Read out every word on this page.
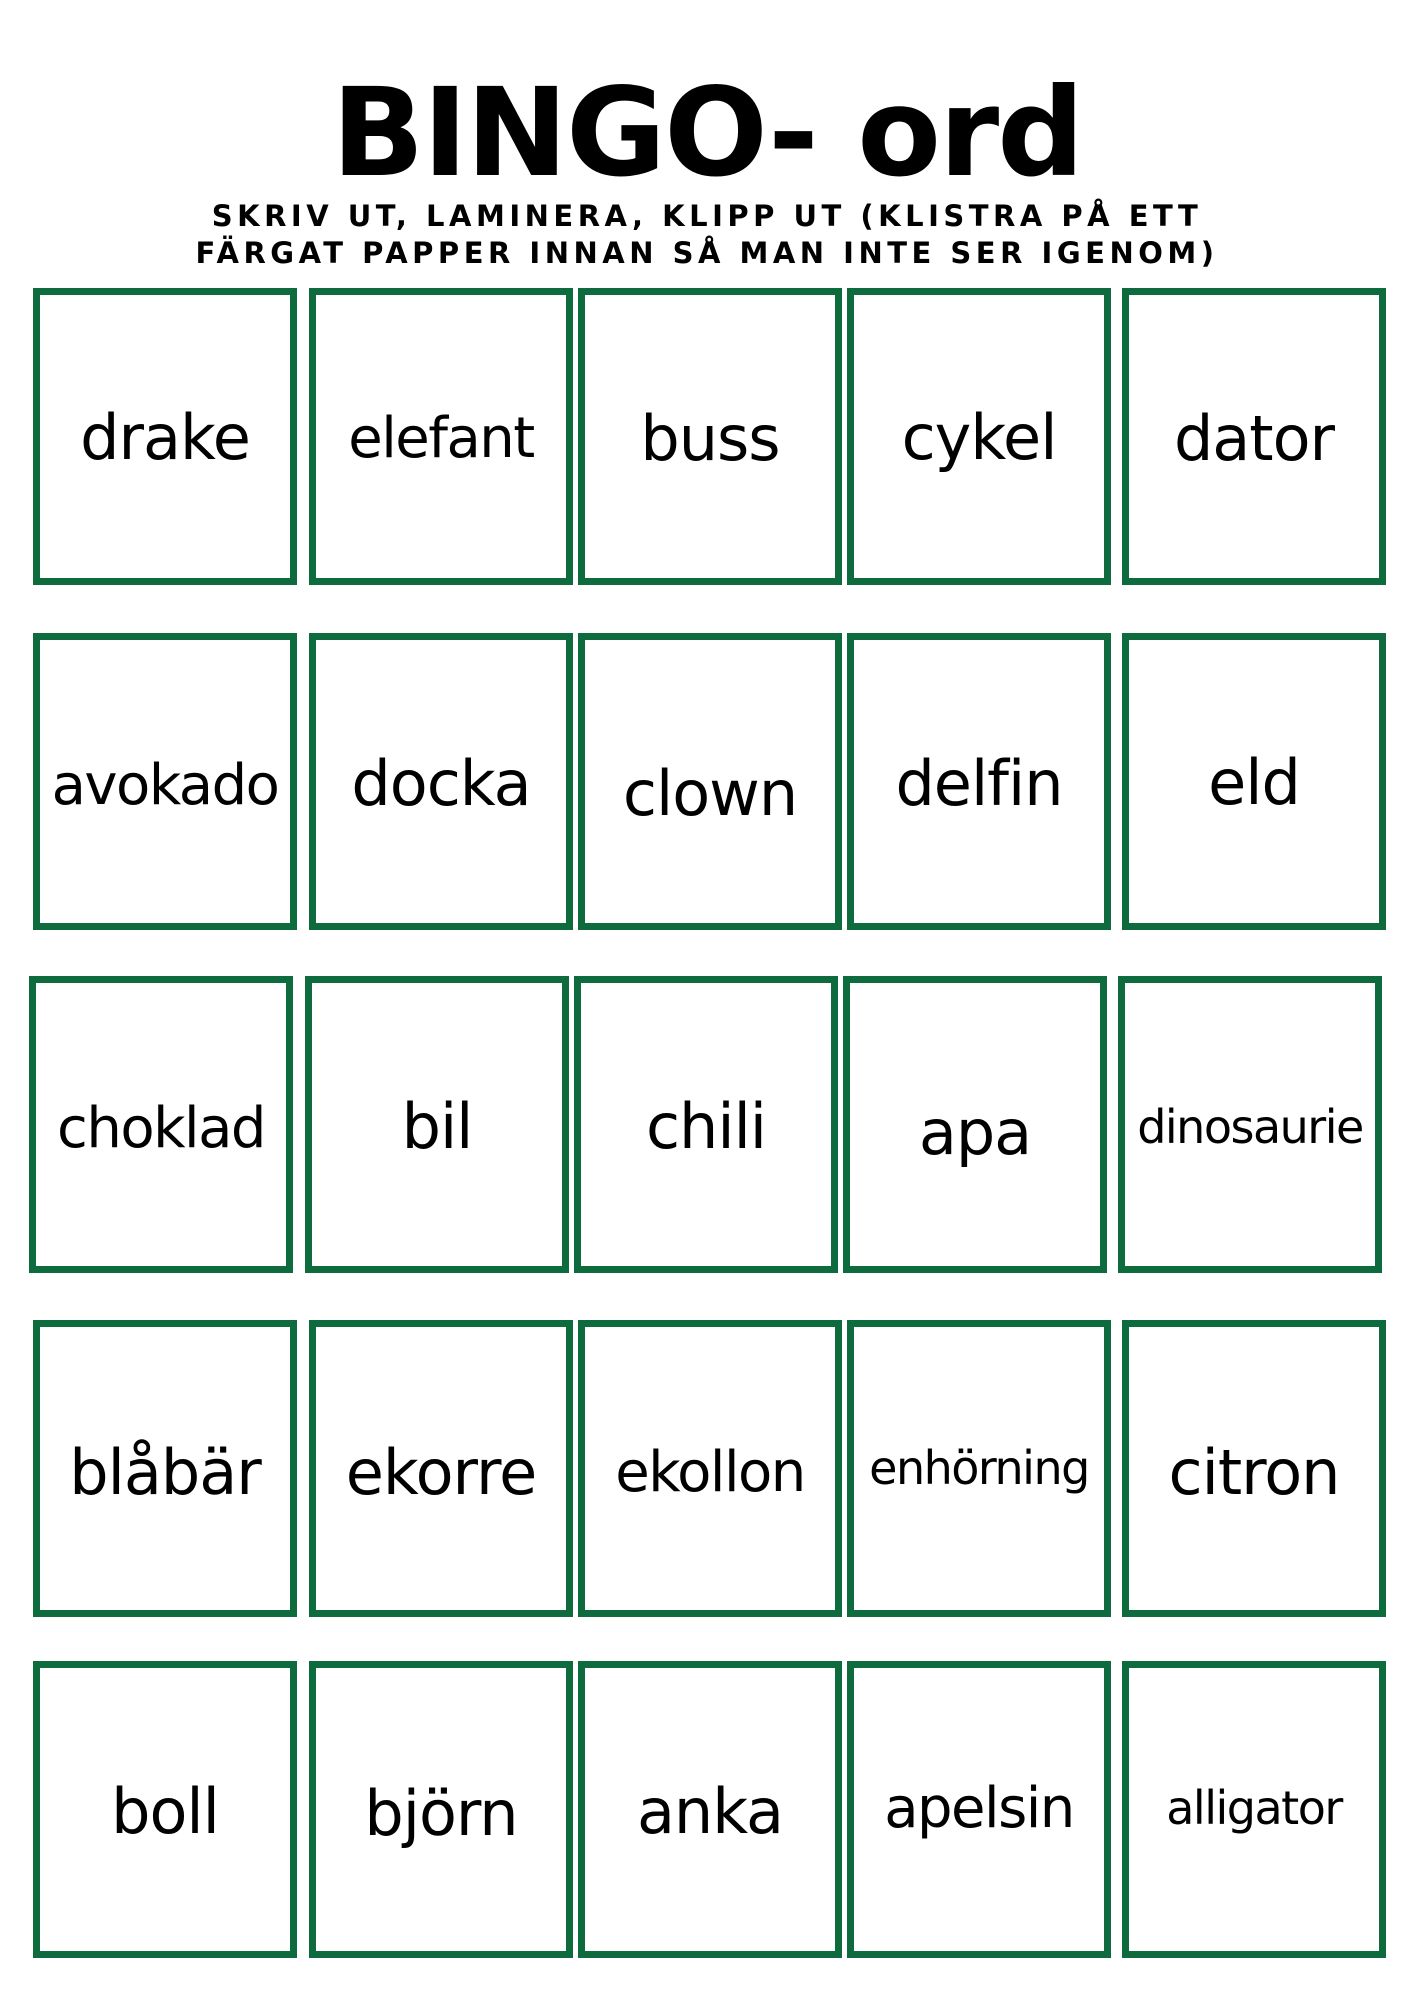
BINGO- ord
SKRIV UT, LAMINERA, KLIPP UT (KLISTRA PÅ ETT
FÄRGAT PAPPER INNAN SÅ MAN INTE SER IGENOM)
drake	elefant	buss	cykel	dator
avokado	docka	clown	delfin	eld
choklad	bil	chili	apa	dinosaurie
blåbär	ekorre	ekollon	enhörning	citron
boll	björn	anka	apelsin	alligator
